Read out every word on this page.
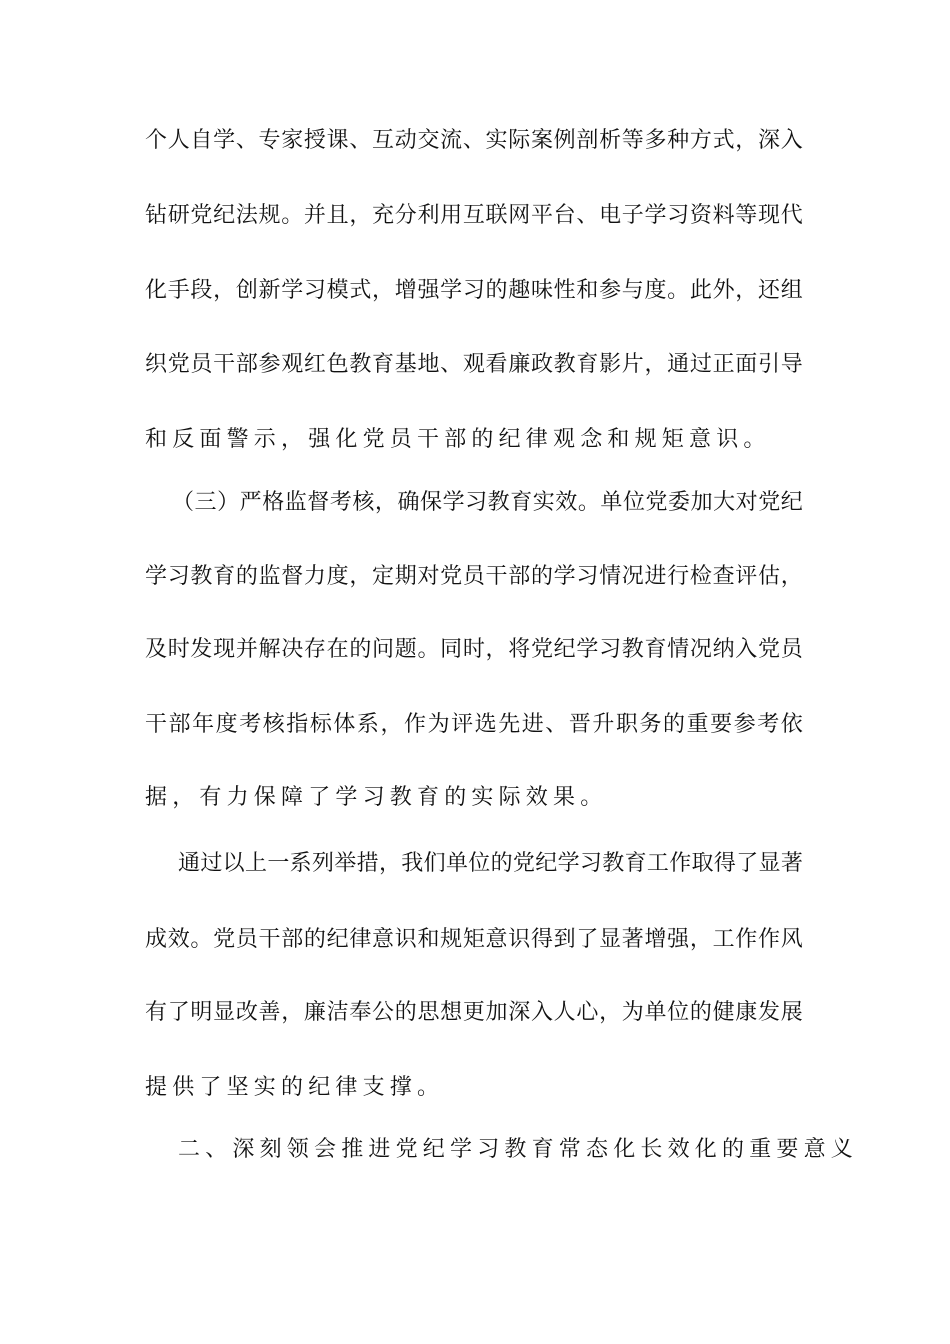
个 人 自 学 、 专 家 授 课 、 互 动 交 流 、 实 际 案 例 剖 析 等 多 种 方 式 ， 深 入
钻 研 党 纪 法 规 。 并 且 ， 充 分 利 用 互 联 网 平 台 、 电 子 学 习 资 料 等 现 代
化 手 段 ， 创 新 学 习 模 式 ， 增 强 学 习 的 趣 味 性 和 参 与 度 。 此 外 ， 还 组
织 党 员 干 部 参 观 红 色 教 育 基 地 、 观 看 廉 政 教 育 影 片 ， 通 过 正 面 引 导
和反面警示，强化党员干部的纪律观念和规矩意识。
（ 三 ） 严 格 监 督 考 核 ， 确 保 学 习 教 育 实 效 。 单 位 党 委 加 大 对 党 纪
学 习 教 育 的 监 督 力 度 ， 定 期 对 党 员 干 部 的 学 习 情 况 进 行 检 查 评 估 ，
及 时 发 现 并 解 决 存 在 的 问 题 。 同 时 ， 将 党 纪 学 习 教 育 情 况 纳 入 党 员
干 部 年 度 考 核 指 标 体 系 ， 作 为 评 选 先 进 、 晋 升 职 务 的 重 要 参 考 依
据，有力保障了学习教育的实际效果。
通 过 以 上 一 系 列 举 措 ， 我 们 单 位 的 党 纪 学 习 教 育 工 作 取 得 了 显 著
成 效 。 党 员 干 部 的 纪 律 意 识 和 规 矩 意 识 得 到 了 显 著 增 强 ， 工 作 作 风
有 了 明 显 改 善 ， 廉 洁 奉 公 的 思 想 更 加 深 入 人 心 ， 为 单 位 的 健 康 发 展
提供了坚实的纪律支撑。
二、深刻领会推进党纪学习教育常态化长效化的重要意义
